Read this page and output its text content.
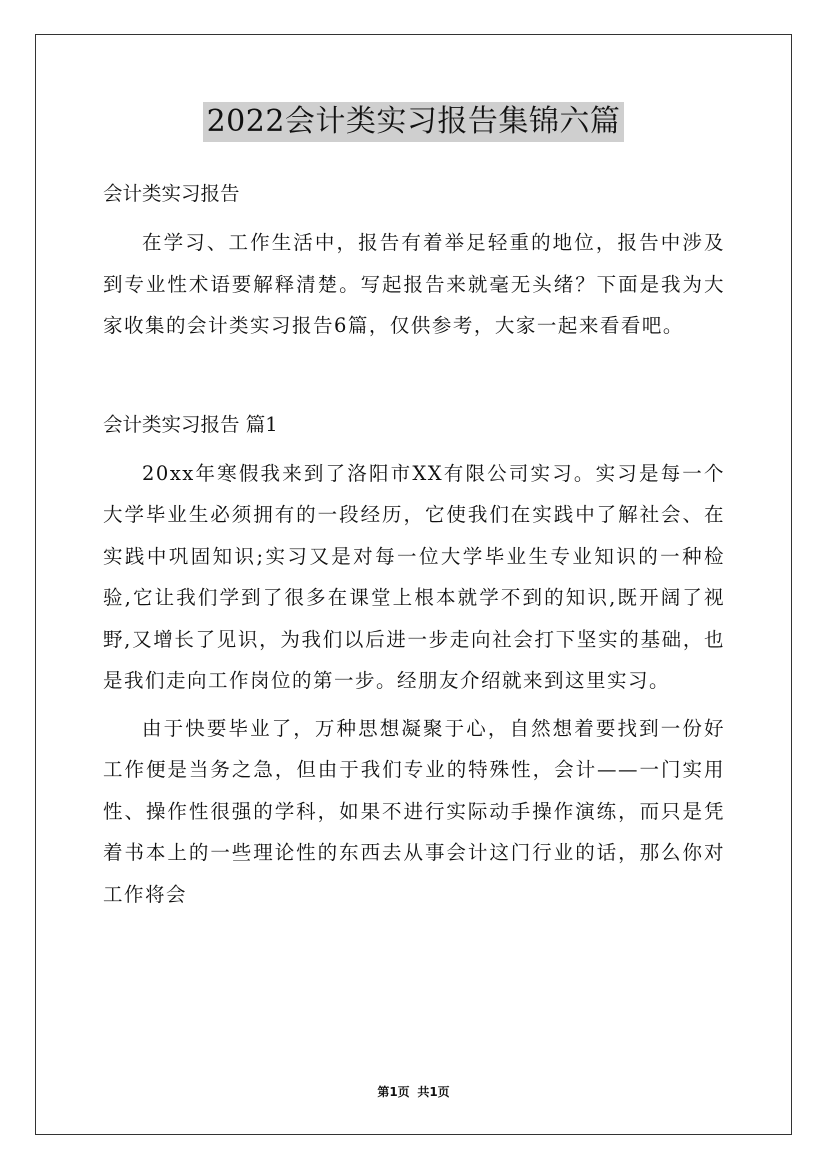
2022会计类实习报告集锦六篇

会计类实习报告

在学习、工作生活中，报告有着举足轻重的地位，报告中涉及到专业性术语要解释清楚。写起报告来就毫无头绪？下面是我为大家收集的会计类实习报告6篇，仅供参考，大家一起来看看吧。

会计类实习报告 篇1

20xx年寒假我来到了洛阳市XX有限公司实习。实习是每一个大学毕业生必须拥有的一段经历，它使我们在实践中了解社会、在实践中巩固知识;实习又是对每一位大学毕业生专业知识的一种检验,它让我们学到了很多在课堂上根本就学不到的知识,既开阔了视野,又增长了见识，为我们以后进一步走向社会打下坚实的基础，也是我们走向工作岗位的第一步。经朋友介绍就来到这里实习。

由于快要毕业了，万种思想凝聚于心，自然想着要找到一份好工作便是当务之急，但由于我们专业的特殊性，会计——一门实用性、操作性很强的学科，如果不进行实际动手操作演练，而只是凭着书本上的一些理论性的东西去从事会计这门行业的话，那么你对工作将会

第1页 共1页
